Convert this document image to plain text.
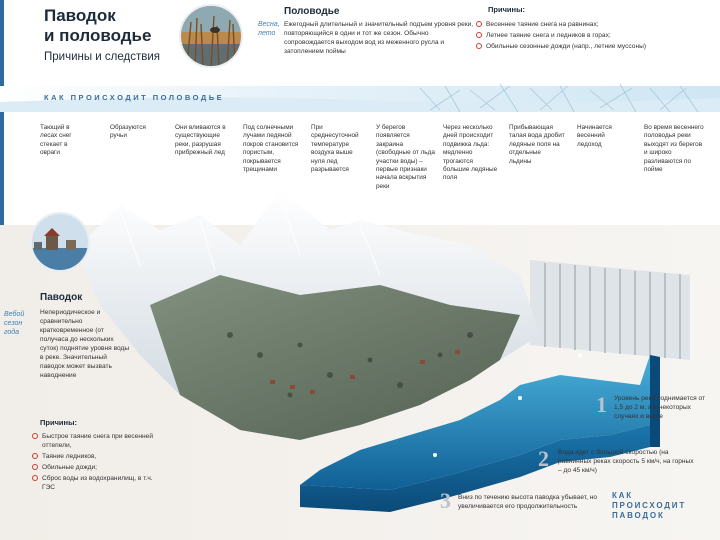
Паводок
и половодье
Причины и следствия
Весна,
лето
Половодье
Ежегодный длительный и значительный подъем уровня реки, повторяющийся в одни и тот же сезон. Обычно сопровождается выходом вод из меженного русла и затоплением поймы
Причины:
Весеннее таяние снега на равнинах;
Летнее таяние снега и ледников в горах;
Обильные сезонные дожди (напр., летние муссоны)
КАК ПРОИСХОДИТ ПОЛОВОДЬЕ
Тающий в лесах снег стекает в овраги
Образуются ручьи
Они вливаются в существующие реки, разрушая прибрежный лед
Под солнечными лучами ледяной покров становится пористым, покрывается трещинами
При среднесуточной температуре воздуха выше нуля лед разрывается
У берегов появляется закраина (свободные от льда участки воды) – первые признаки начала вскрытия реки
Через несколько дней происходит подвижка льда: медленно трогаются большие ледяные поля
Прибывающая талая вода дробит ледяные поля на отдельные льдины
Начинается весенний ледоход
Во время весеннего половодья реки выходят из берегов и широко разливаются по пойме
Вебой
сезон
года
Паводок
Непериодическое и сравнительно кратковременное (от получаса до нескольких суток) поднятие уровня воды в реке. Значительный паводок может вызвать наводнение
Причины:
Быстрое таяние снега при весенней оттепели,
Таяние ледников,
Обильные дожди;
Сброс воды из водохранилищ, в т.ч. ГЭС
1 Уровень реки поднимается от 1,5 до 2 м, а в некоторых случаях и выше
2 Вода идет с большой скоростью (на равнинных реках скорость 5 км/ч, на горных – до 45 км/ч)
3 Вниз по течению высота паводка убывает, но увеличивается его продолжительность
КАК
ПРОИСХОДИТ
ПАВОДОК
